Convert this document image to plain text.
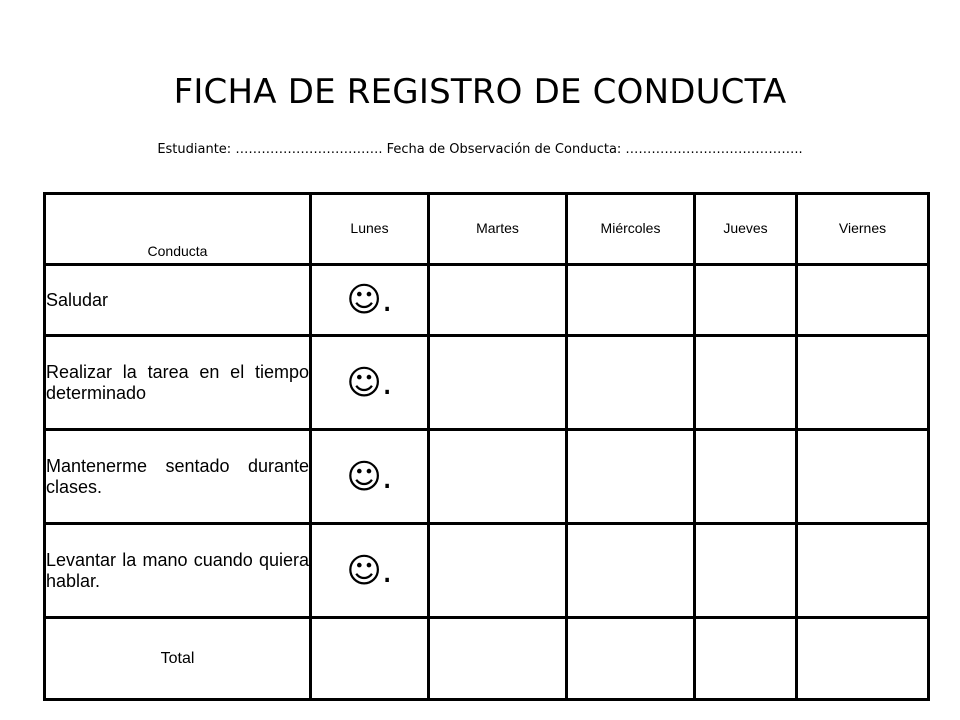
FICHA DE REGISTRO DE CONDUCTA
Estudiante: ……………………………. Fecha de Observación de Conducta: …………………………………..
Conducta	Lunes	Martes	Miércoles	Jueves	Viernes
Saludar	☺.				
Realizar la tarea en el tiempo determinado	☺.				
Mantenerme sentado durante clases.	☺.				
Levantar la mano cuando quiera hablar.	☺.				
Total					
